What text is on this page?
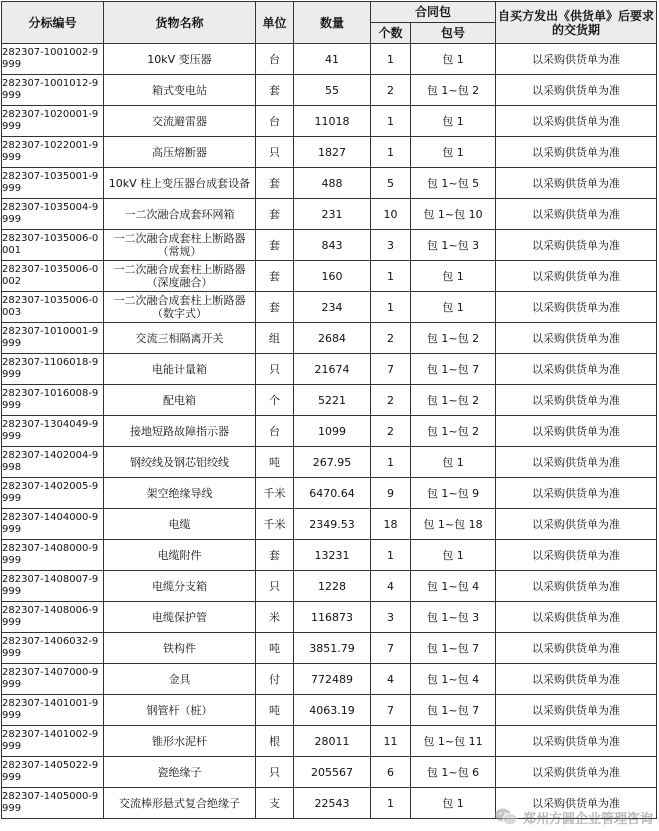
分标编号	货物名称	单位	数量	合同包		自买方发出《供货单》后要求的交货期
				个数	包号	
282307-1001002-9999	10kV 变压器	台	41	1	包 1	以采购供货单为准
282307-1001012-9999	箱式变电站	套	55	2	包 1~包 2	以采购供货单为准
282307-1020001-9999	交流避雷器	台	11018	1	包 1	以采购供货单为准
282307-1022001-9999	高压熔断器	只	1827	1	包 1	以采购供货单为准
282307-1035001-9999	10kV 柱上变压器台成套设备	套	488	5	包 1~包 5	以采购供货单为准
282307-1035004-9999	一二次融合成套环网箱	套	231	10	包 1~包 10	以采购供货单为准
282307-1035006-0001	一二次融合成套柱上断路器（常规）	套	843	3	包 1~包 3	以采购供货单为准
282307-1035006-0002	一二次融合成套柱上断路器（深度融合）	套	160	1	包 1	以采购供货单为准
282307-1035006-0003	一二次融合成套柱上断路器（数字式）	套	234	1	包 1	以采购供货单为准
282307-1010001-9999	交流三相隔离开关	组	2684	2	包 1~包 2	以采购供货单为准
282307-1106018-9999	电能计量箱	只	21674	7	包 1~包 7	以采购供货单为准
282307-1016008-9999	配电箱	个	5221	2	包 1~包 2	以采购供货单为准
282307-1304049-9999	接地短路故障指示器	台	1099	2	包 1~包 2	以采购供货单为准
282307-1402004-9998	钢绞线及钢芯铝绞线	吨	267.95	1	包 1	以采购供货单为准
282307-1402005-9999	架空绝缘导线	千米	6470.64	9	包 1~包 9	以采购供货单为准
282307-1404000-9999	电缆	千米	2349.53	18	包 1~包 18	以采购供货单为准
282307-1408000-9999	电缆附件	套	13231	1	包 1	以采购供货单为准
282307-1408007-9999	电缆分支箱	只	1228	4	包 1~包 4	以采购供货单为准
282307-1408006-9999	电缆保护管	米	116873	3	包 1~包 3	以采购供货单为准
282307-1406032-9999	铁构件	吨	3851.79	7	包 1~包 7	以采购供货单为准
282307-1407000-9999	金具	付	772489	4	包 1~包 4	以采购供货单为准
282307-1401001-9999	钢管杆（桩）	吨	4063.19	7	包 1~包 7	以采购供货单为准
282307-1401002-9999	锥形水泥杆	根	28011	11	包 1~包 11	以采购供货单为准
282307-1405022-9999	瓷绝缘子	只	205567	6	包 1~包 6	以采购供货单为准
282307-1405000-9999	交流棒形悬式复合绝缘子	支	22543	1	包 1	以采购供货单为准
郑州方圆企业管理咨询
